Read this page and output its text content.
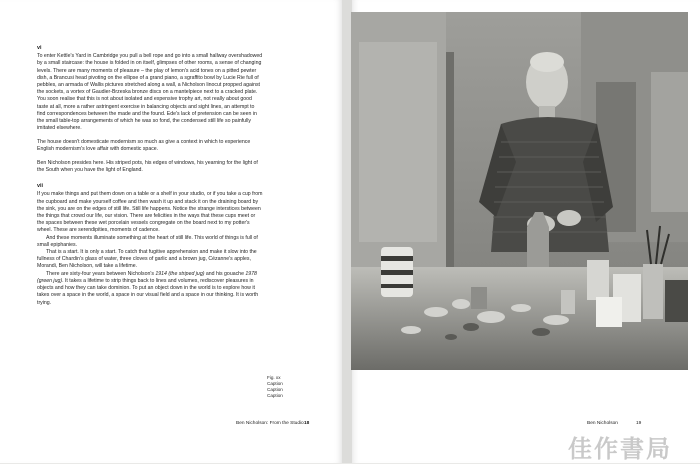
vi

To enter Kettle's Yard in Cambridge you pull a bell rope and go into a small hallway overshadowed by a small staircase: the house is folded in on itself, glimpses of other rooms, a sense of changing levels. There are many moments of pleasure – the play of lemon's acid tones on a pitted pewter dish, a Brancusi head pivoting on the ellipse of a grand piano, a sgraffito bowl by Lucie Rie full of pebbles, an armada of Wallis pictures stretched along a wall, a Nicholson linocut propped against the sockets, a vortex of Gaudier-Brzeska bronze discs on a mantelpiece next to a cracked plate. You soon realise that this is not about isolated and expensive trophy art, not really about good taste at all, more a rather astringent exercise in balancing objects and sight lines, an attempt to find correspondences between the made and the found. Ede's lack of pretension can be seen in the small table-top arrangements of which he was so fond, the condensed still life so painfully imitated elsewhere.

The house doesn't domesticate modernism so much as give a context in which to experience English modernism's love affair with domestic space.

Ben Nicholson presides here. His striped pots, his edges of windows, his yearning for the light of the South when you have the light of England.

vii

If you make things and put them down on a table or a shelf in your studio, or if you take a cup from the cupboard and make yourself coffee and then wash it up and stack it on the draining board by the sink, you are on the edges of still life. Still life happens. Notice the strange interstices between the things that crowd our life, our vision. There are felicities in the ways that these cups meet or the spaces between these wet porcelain vessels congregate on the board next to my potter's wheel. These are serendipities, moments of cadence.

And these moments illuminate something at the heart of still life. This world of things is full of small epiphanies.

That is a start. It is only a start. To catch that fugitive apprehension and make it slow into the fullness of Chardin's glass of water, three cloves of garlic and a brown jug, Cézanne's apples, Morandi, Ben Nicholson, will take a lifetime.

There are sixty-four years between Nicholson's 1914 (the striped jug) and his gouache 1978 (green jug). It takes a lifetime to strip things back to lines and volumes, rediscover pleasures in objects and how they can take dominion. To put an object down in the world is to explore how it takes over a space in the world, a space in our visual field and a space in our thinking. It is worth trying.

Fig. xx
Caption
Caption
Caption
Ben Nicholson: From the Studio 18	Ben Nicholson	19
佳作書局
